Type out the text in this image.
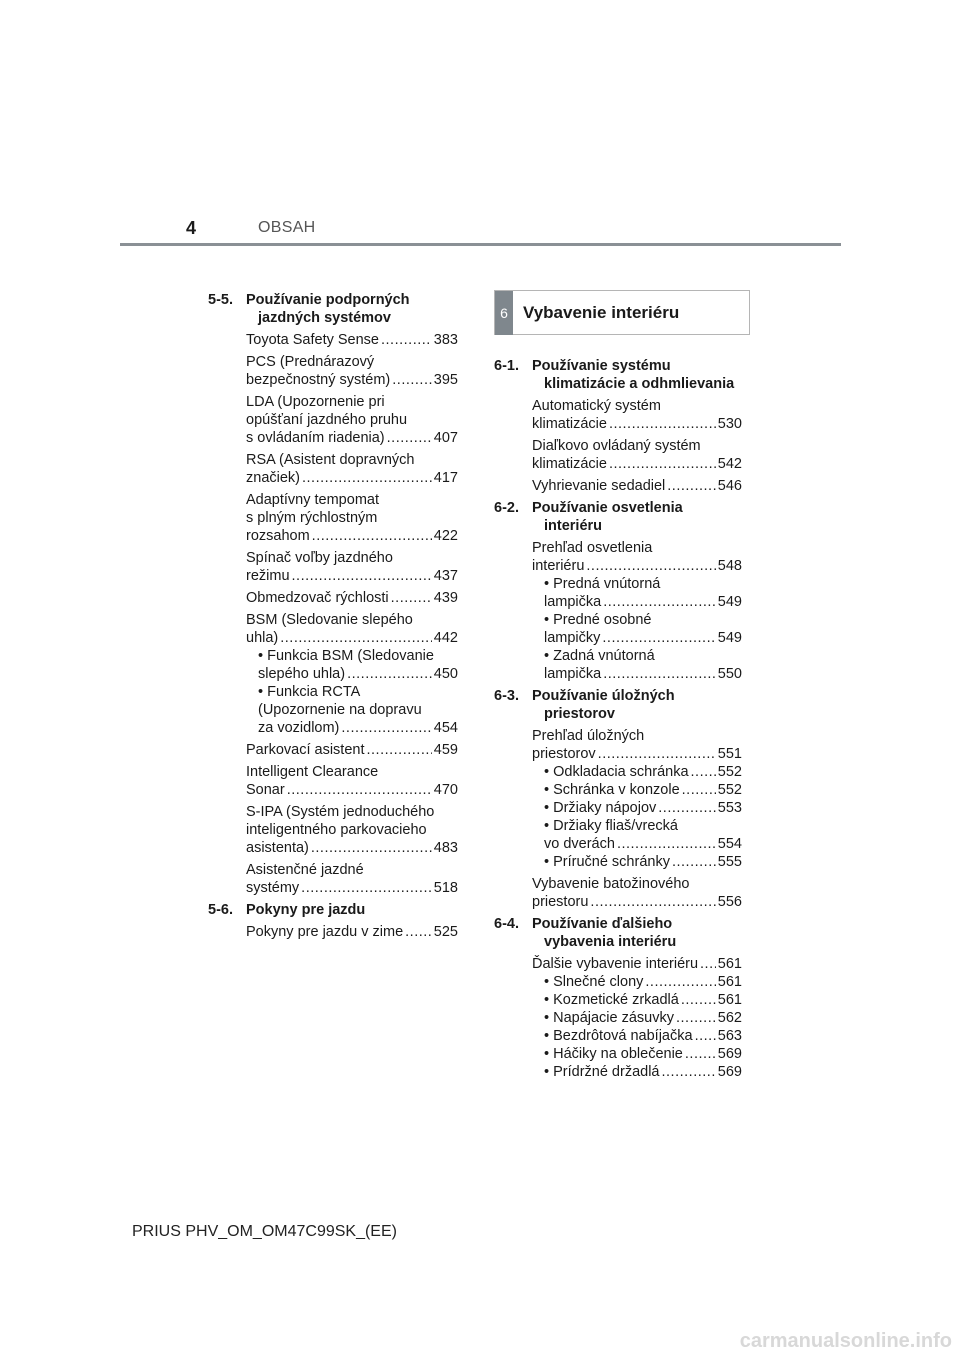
4	OBSAH
5-5. Používanie podporných jazdných systémov
Toyota Safety Sense .....	383
PCS (Prednárazový
bezpečnostný systém) .....	395
LDA (Upozornenie pri
opúšťaní jazdného pruhu
s ovládaním riadenia) .....	407
RSA (Asistent dopravných
značiek) .....	417
Adaptívny tempomat
s plným rýchlostným
rozsahom .....	422
Spínač voľby jazdného
režimu .....	437
Obmedzovač rýchlosti .....	439
BSM (Sledovanie slepého
uhla) .....	442
• Funkcia BSM (Sledovanie
slepého uhla) .....	450
• Funkcia RCTA
(Upozornenie na dopravu
za vozidlom) .....	454
Parkovací asistent .....	459
Intelligent Clearance
Sonar .....	470
S-IPA (Systém jednoduchého
inteligentného parkovacieho
asistenta) .....	483
Asistenčné jazdné
systémy .....	518
5-6. Pokyny pre jazdu
Pokyny pre jazdu v zime ..... 525
6 Vybavenie interiéru
6-1. Používanie systému klimatizácie a odhmlievania
Automatický systém
klimatizácie .....	530
Diaľkovo ovládaný systém
klimatizácie .....	542
Vyhrievanie sedadiel .....	546
6-2. Používanie osvetlenia interiéru
Prehľad osvetlenia
interiéru .....	548
• Predná vnútorná
lampička .....	549
• Predné osobné
lampičky .....	549
• Zadná vnútorná
lampička .....	550
6-3. Používanie úložných priestorov
Prehľad úložných
priestorov .....	551
• Odkladacia schránka ..... 552
• Schránka v konzole .....	552
• Držiaky nápojov .....	553
• Držiaky fliaš/vrecká
vo dverách .....	554
• Príručné schránky .....	555
Vybavenie batožinového
priestoru .....	556
6-4. Používanie ďalšieho vybavenia interiéru
Ďalšie vybavenie interiéru ..... 561
• Slnečné clony .....	561
• Kozmetické zrkadlá .....	561
• Napájacie zásuvky .....	562
• Bezdrôtová nabíjačka ..... 563
• Háčiky na oblečenie ..... 569
• Prídržné držadlá .....	569
PRIUS PHV_OM_OM47C99SK_(EE)
carmanualsonline.info
